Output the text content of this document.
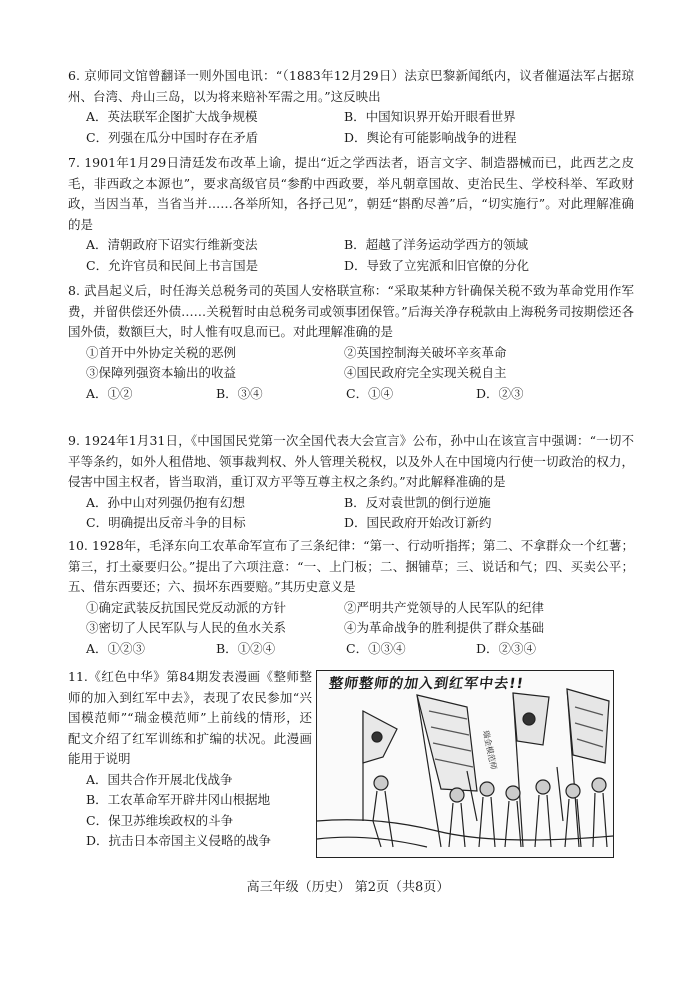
6. 京师同文馆曾翻译一则外国电讯：“（1883年12月29日）法京巴黎新闻纸内，议者催逼法军占据琼州、台湾、舟山三岛，以为将来赔补军需之用。”这反映出

A．英法联军企图扩大战争规模	B．中国知识界开始开眼看世界
C．列强在瓜分中国时存在矛盾	D．舆论有可能影响战争的进程

7. 1901年1月29日清廷发布改革上谕，提出“近之学西法者，语言文字、制造器械而已，此西艺之皮毛，非西政之本源也”，要求高级官员“参酌中西政要，举凡朝章国故、吏治民生、学校科举、军政财政，当因当革，当省当并……各举所知，各抒己见”，朝廷“斟酌尽善”后，“切实施行”。对此理解准确的是

A．清朝政府下诏实行维新变法	B．超越了洋务运动学西方的领域
C．允许官员和民间上书言国是	D．导致了立宪派和旧官僚的分化

8. 武昌起义后，时任海关总税务司的英国人安格联宣称：“采取某种方针确保关税不致为革命党用作军费，并留供偿还外债……关税暂时由总税务司或领事团保管。”后海关净存税款由上海税务司按期偿还各国外债，数额巨大，时人惟有叹息而已。对此理解准确的是

①首开中外协定关税的恶例	②英国控制海关破坏辛亥革命
③保障列强资本输出的收益	④国民政府完全实现关税自主
A．①②	B．③④	C．①④	D．②③

9. 1924年1月31日，《中国国民党第一次全国代表大会宣言》公布，孙中山在该宣言中强调：“一切不平等条约，如外人租借地、领事裁判权、外人管理关税权，以及外人在中国境内行使一切政治的权力，侵害中国主权者，皆当取消，重订双方平等互尊主权之条约。”对此解释准确的是

A．孙中山对列强仍抱有幻想	B．反对袁世凯的倒行逆施
C．明确提出反帝斗争的目标	D．国民政府开始改订新约

10. 1928年，毛泽东向工农革命军宣布了三条纪律：“第一、行动听指挥；第二、不拿群众一个红薯；第三，打土豪要归公。”提出了六项注意：“一、上门板；二、捆铺草；三、说话和气；四、买卖公平；五、借东西要还；六、损坏东西要赔。”其历史意义是

①确定武装反抗国民党反动派的方针	②严明共产党领导的人民军队的纪律
③密切了人民军队与人民的鱼水关系	④为革命战争的胜利提供了群众基础
A．①②③	B．①②④	C．①③④	D．②③④

11.《红色中华》第84期发表漫画《整师整师的加入到红军中去》，表现了农民参加“兴国模范师”“瑞金模范师”上前线的情形，还配文介绍了红军训练和扩编的状况。此漫画能用于说明

A．国共合作开展北伐战争
B．工农革命军开辟井冈山根据地
C．保卫苏维埃政权的斗争
D．抗击日本帝国主义侵略的战争
整师整师的加入到红军中去!!
瑞金模范师
高三年级（历史） 第2页（共8页）
